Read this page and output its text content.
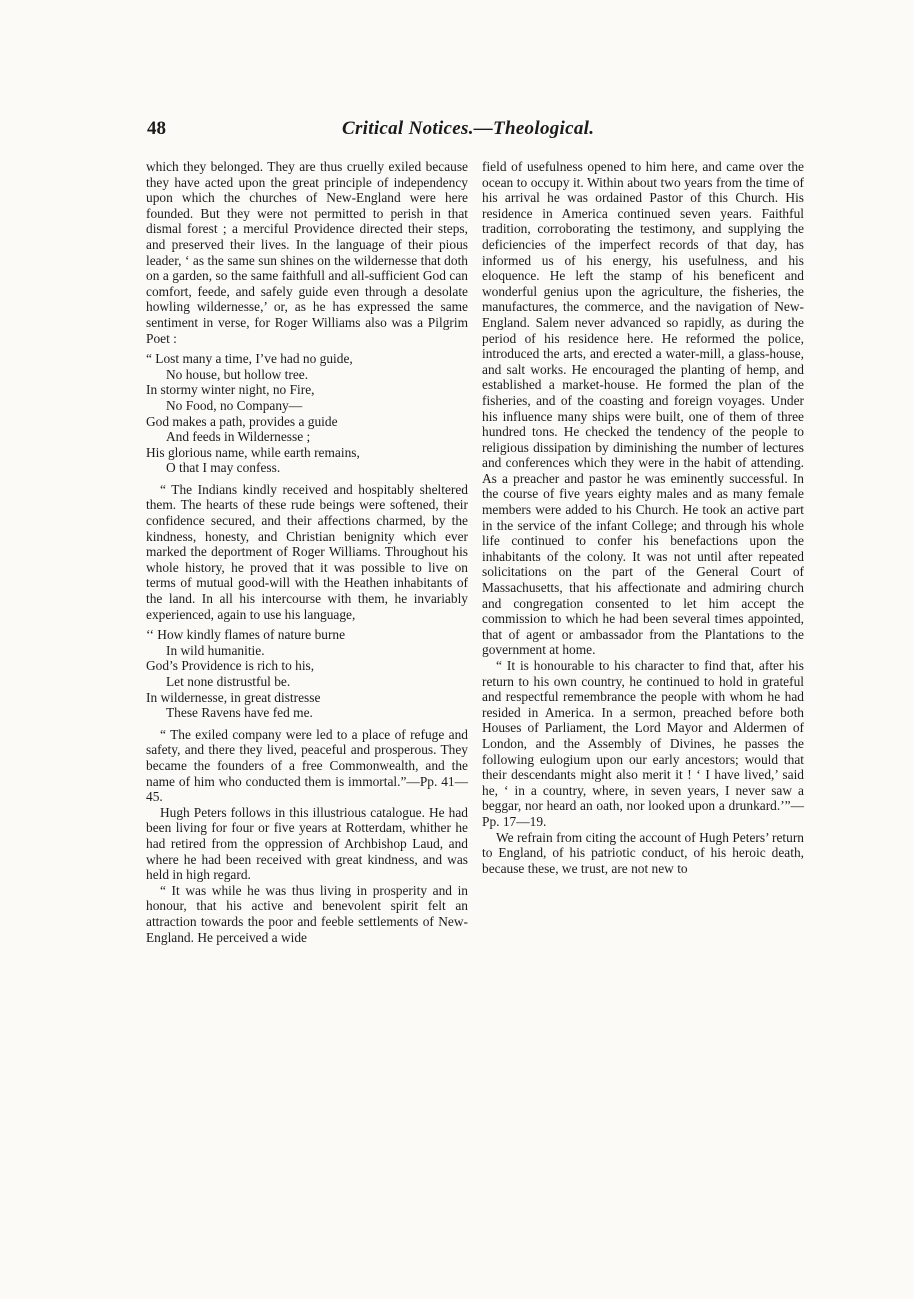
48	Critical Notices.—Theological.

which they belonged. They are thus cruelly exiled because they have acted upon the great principle of independency upon which the churches of New-England were here founded. But they were not permitted to perish in that dismal forest ; a merciful Providence directed their steps, and preserved their lives. In the language of their pious leader, ‘ as the same sun shines on the wildernesse that doth on a garden, so the same faithfull and all-sufficient God can comfort, feede, and safely guide even through a desolate howling wildernesse,’ or, as he has expressed the same sentiment in verse, for Roger Williams also was a Pilgrim Poet :

“ Lost many a time, I’ve had no guide,

No house, but hollow tree.

In stormy winter night, no Fire,

No Food, no Company—

God makes a path, provides a guide

And feeds in Wildernesse ;

His glorious name, while earth remains,

O that I may confess.

“ The Indians kindly received and hospitably sheltered them. The hearts of these rude beings were softened, their confidence secured, and their affections charmed, by the kindness, honesty, and Christian benignity which ever marked the deportment of Roger Williams. Throughout his whole history, he proved that it was possible to live on terms of mutual good-will with the Heathen inhabitants of the land. In all his intercourse with them, he invariably experienced, again to use his language,

‘‘ How kindly flames of nature burne

In wild humanitie.

God’s Providence is rich to his,

Let none distrustful be.

In wildernesse, in great distresse

These Ravens have fed me.

“ The exiled company were led to a place of refuge and safety, and there they lived, peaceful and prosperous. They became the founders of a free Commonwealth, and the name of him who conducted them is immortal.”—Pp. 41—45.

Hugh Peters follows in this illustrious catalogue. He had been living for four or five years at Rotterdam, whither he had retired from the oppression of Archbishop Laud, and where he had been received with great kindness, and was held in high regard.

“ It was while he was thus living in prosperity and in honour, that his active and benevolent spirit felt an attraction towards the poor and feeble settlements of New-England. He perceived a wide

field of usefulness opened to him here, and came over the ocean to occupy it. Within about two years from the time of his arrival he was ordained Pastor of this Church. His residence in America continued seven years. Faithful tradition, corroborating the testimony, and supplying the deficiencies of the imperfect records of that day, has informed us of his energy, his usefulness, and his eloquence. He left the stamp of his beneficent and wonderful genius upon the agriculture, the fisheries, the manufactures, the commerce, and the navigation of New-England. Salem never advanced so rapidly, as during the period of his residence here. He reformed the police, introduced the arts, and erected a water-mill, a glass-house, and salt works. He encouraged the planting of hemp, and established a market-house. He formed the plan of the fisheries, and of the coasting and foreign voyages. Under his influence many ships were built, one of them of three hundred tons. He checked the tendency of the people to religious dissipation by diminishing the number of lectures and conferences which they were in the habit of attending. As a preacher and pastor he was eminently successful. In the course of five years eighty males and as many female members were added to his Church. He took an active part in the service of the infant College; and through his whole life continued to confer his benefactions upon the inhabitants of the colony. It was not until after repeated solicitations on the part of the General Court of Massachusetts, that his affectionate and admiring church and congregation consented to let him accept the commission to which he had been several times appointed, that of agent or ambassador from the Plantations to the government at home.

“ It is honourable to his character to find that, after his return to his own country, he continued to hold in grateful and respectful remembrance the people with whom he had resided in America. In a sermon, preached before both Houses of Parliament, the Lord Mayor and Aldermen of London, and the Assembly of Divines, he passes the following eulogium upon our early ancestors; would that their descendants might also merit it ! ‘ I have lived,’ said he, ‘ in a country, where, in seven years, I never saw a beggar, nor heard an oath, nor looked upon a drunkard.’”—Pp. 17—19.

We refrain from citing the account of Hugh Peters’ return to England, of his patriotic conduct, of his heroic death, because these, we trust, are not new to
